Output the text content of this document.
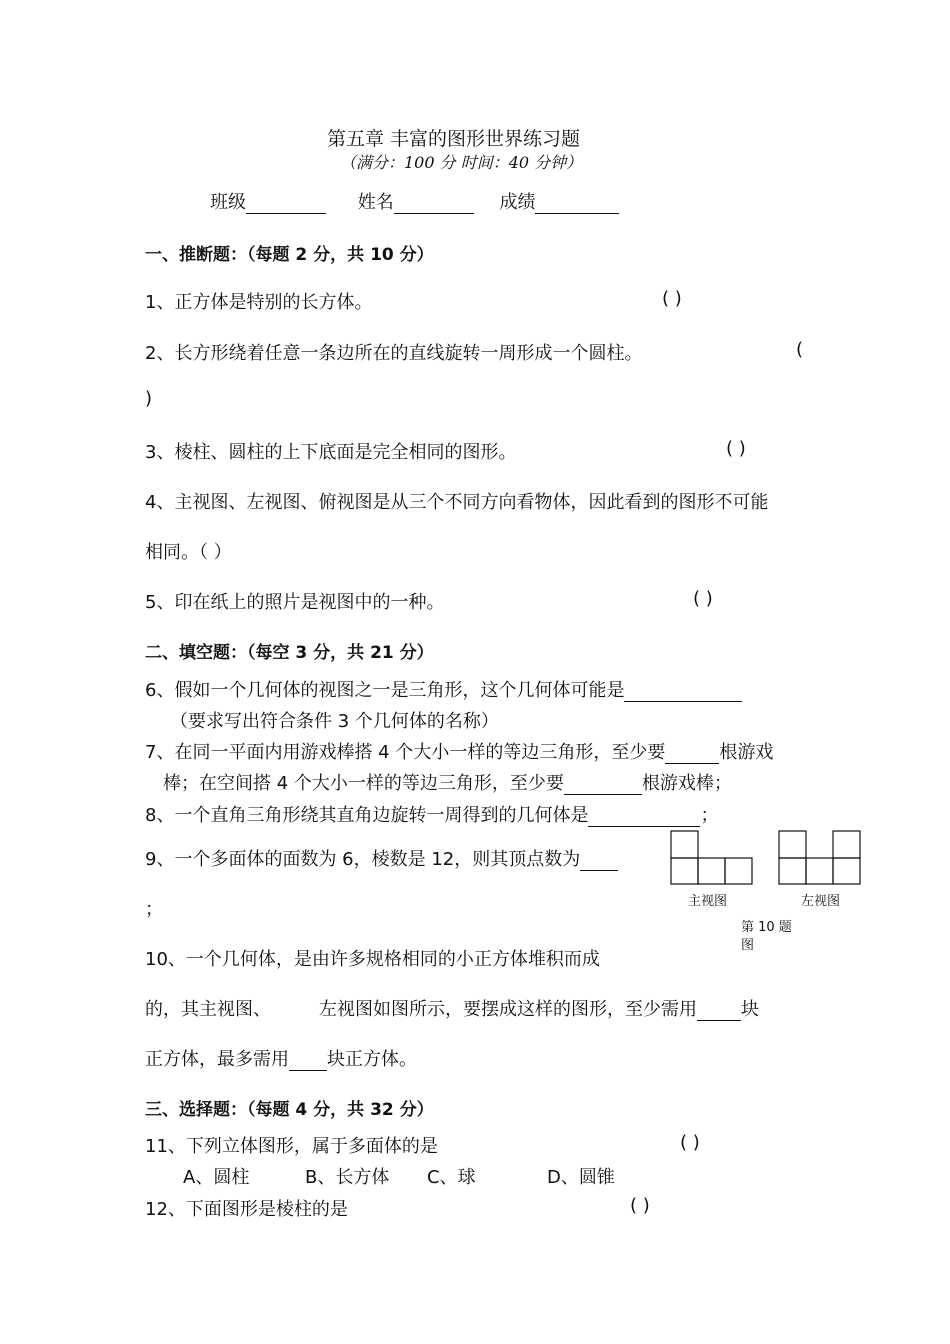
第五章 丰富的图形世界练习题
（满分：100 分 时间：40 分钟）
班级	姓名	成绩
一、推断题：（每题 2 分，共 10 分）
1、正方体是特别的长方体。	( )
2、长方形绕着任意一条边所在的直线旋转一周形成一个圆柱。	(
)
3、棱柱、圆柱的上下底面是完全相同的图形。	( )
4、主视图、左视图、俯视图是从三个不同方向看物体，因此看到的图形不可能
相同。（ ）
5、印在纸上的照片是视图中的一种。	( )
二、填空题：（每空 3 分，共 21 分）
6、假如一个几何体的视图之一是三角形，这个几何体可能是
（要求写出符合条件 3 个几何体的名称）
7、在同一平面内用游戏棒搭 4 个大小一样的等边三角形，至少要	根游戏
棒；在空间搭 4 个大小一样的等边三角形，至少要	根游戏棒；
8、一个直角三角形绕其直角边旋转一周得到的几何体是	；
9、一个多面体的面数为 6，棱数是 12，则其顶点数为
；	主视图	左视图
第 10 题
图
10、一个几何体，是由许多规格相同的小正方体堆积而成
的，其主视图、	左视图如图所示，要摆成这样的图形，至少需用 块
正方体，最多需用 块正方体。
三、选择题：（每题 4 分，共 32 分）
11、下列立体图形，属于多面体的是	( )
A、圆柱	B、长方体 C、球	D、圆锥
12、下面图形是棱柱的是	( )
